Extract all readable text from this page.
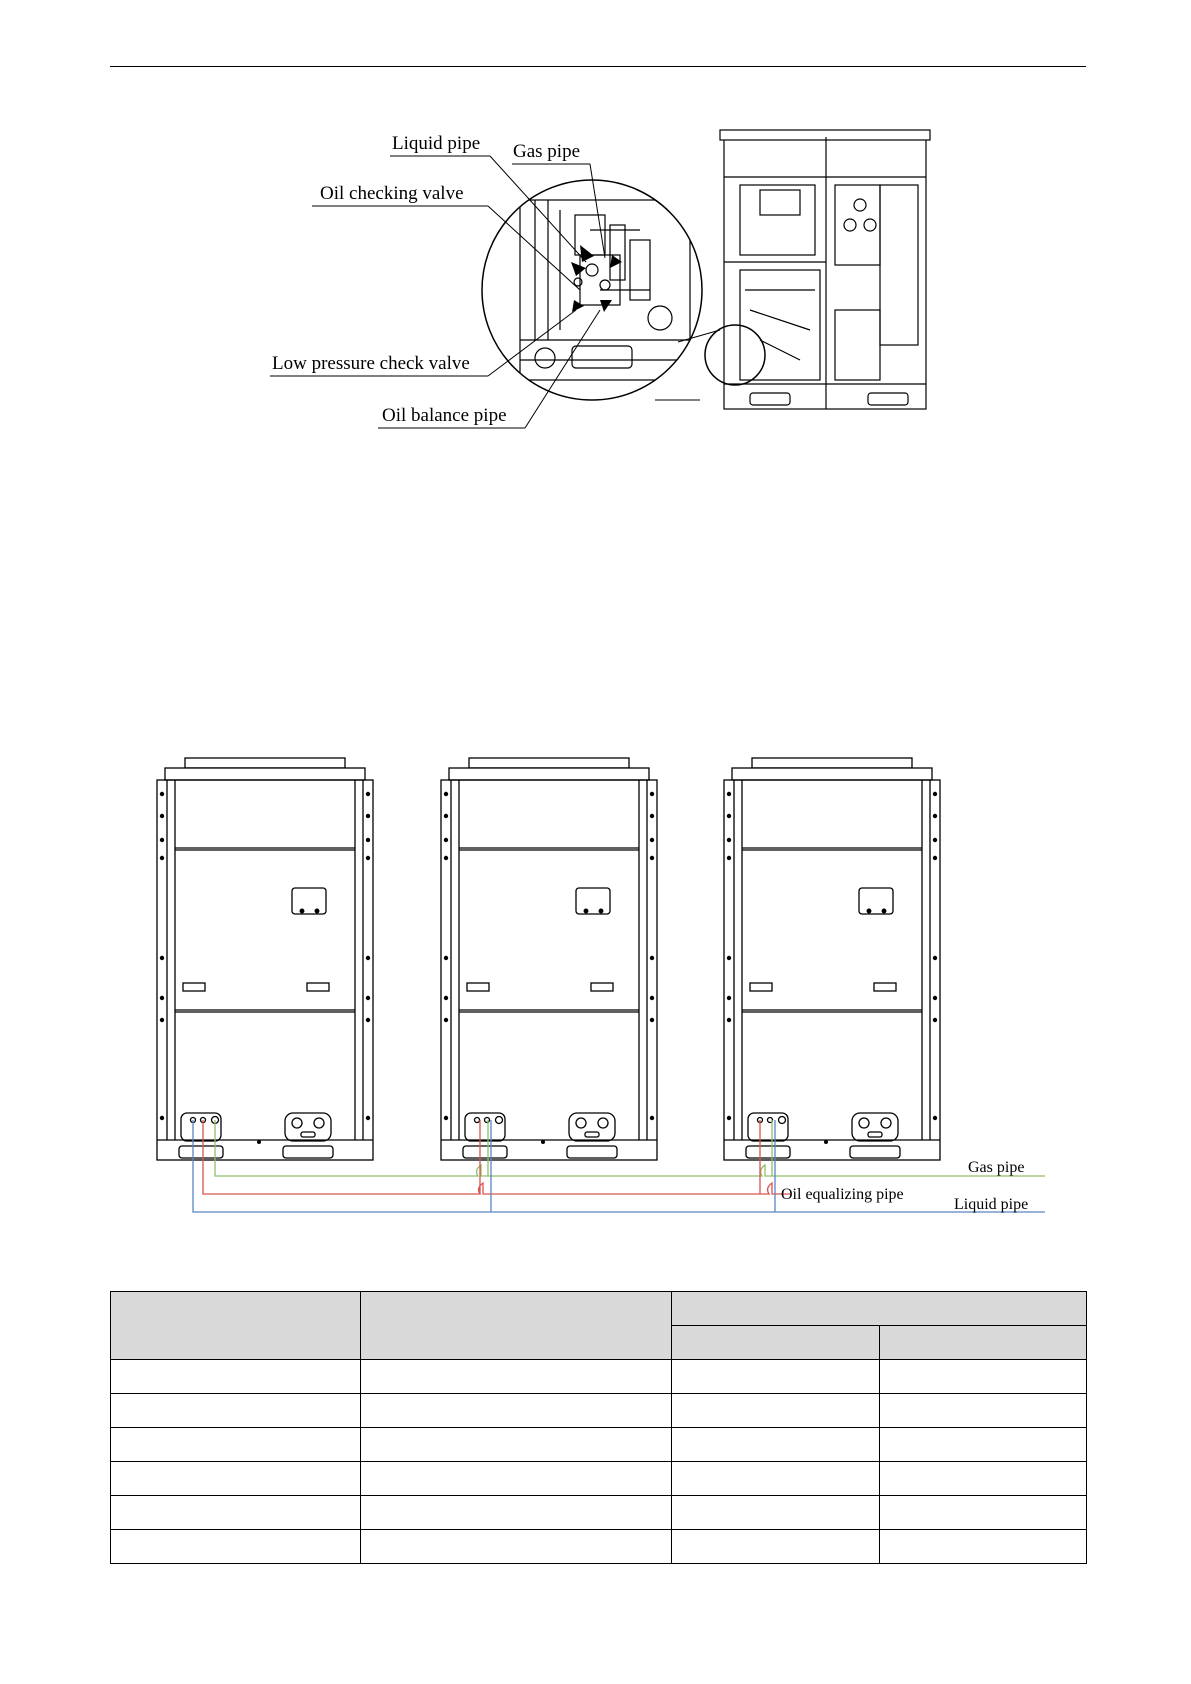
Liquid pipe Gas pipe
Oil checking valve
Low pressure check valve
Oil balance pipe
Gas pipe
Oil equalizing pipe
Liquid pipe
